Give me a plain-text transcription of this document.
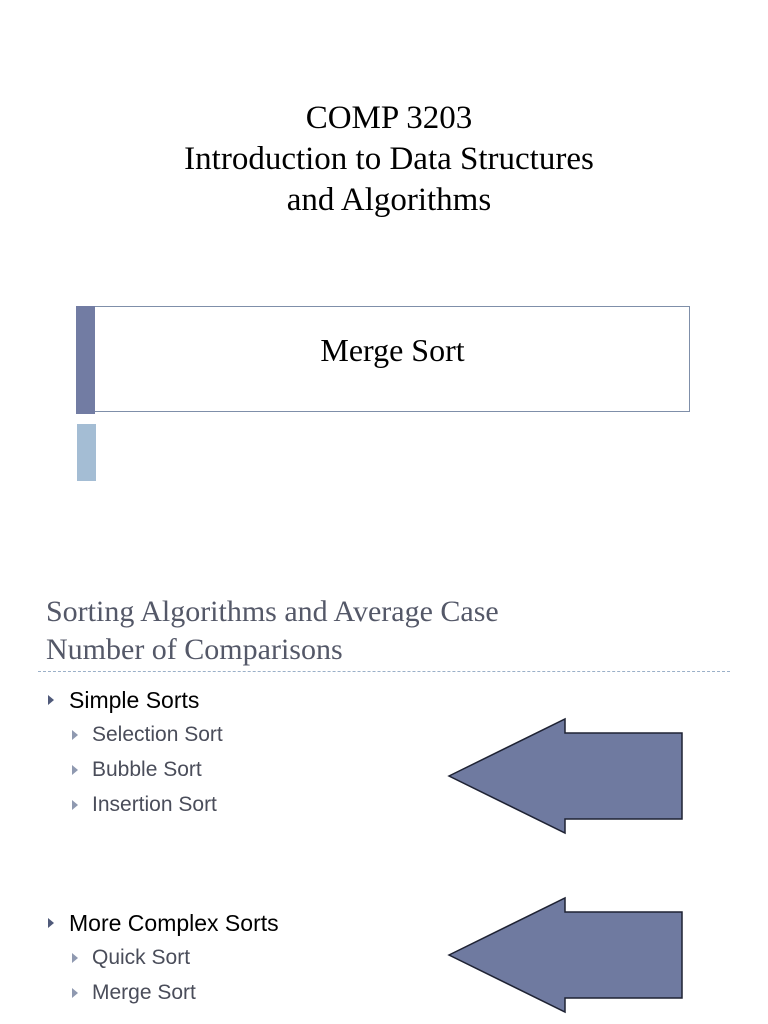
COMP 3203
Introduction to Data Structures
and Algorithms
Merge Sort
Sorting Algorithms and Average Case
Number of Comparisons
Simple Sorts
Selection Sort
Bubble Sort
Insertion Sort
More Complex Sorts
Quick Sort
Merge Sort
